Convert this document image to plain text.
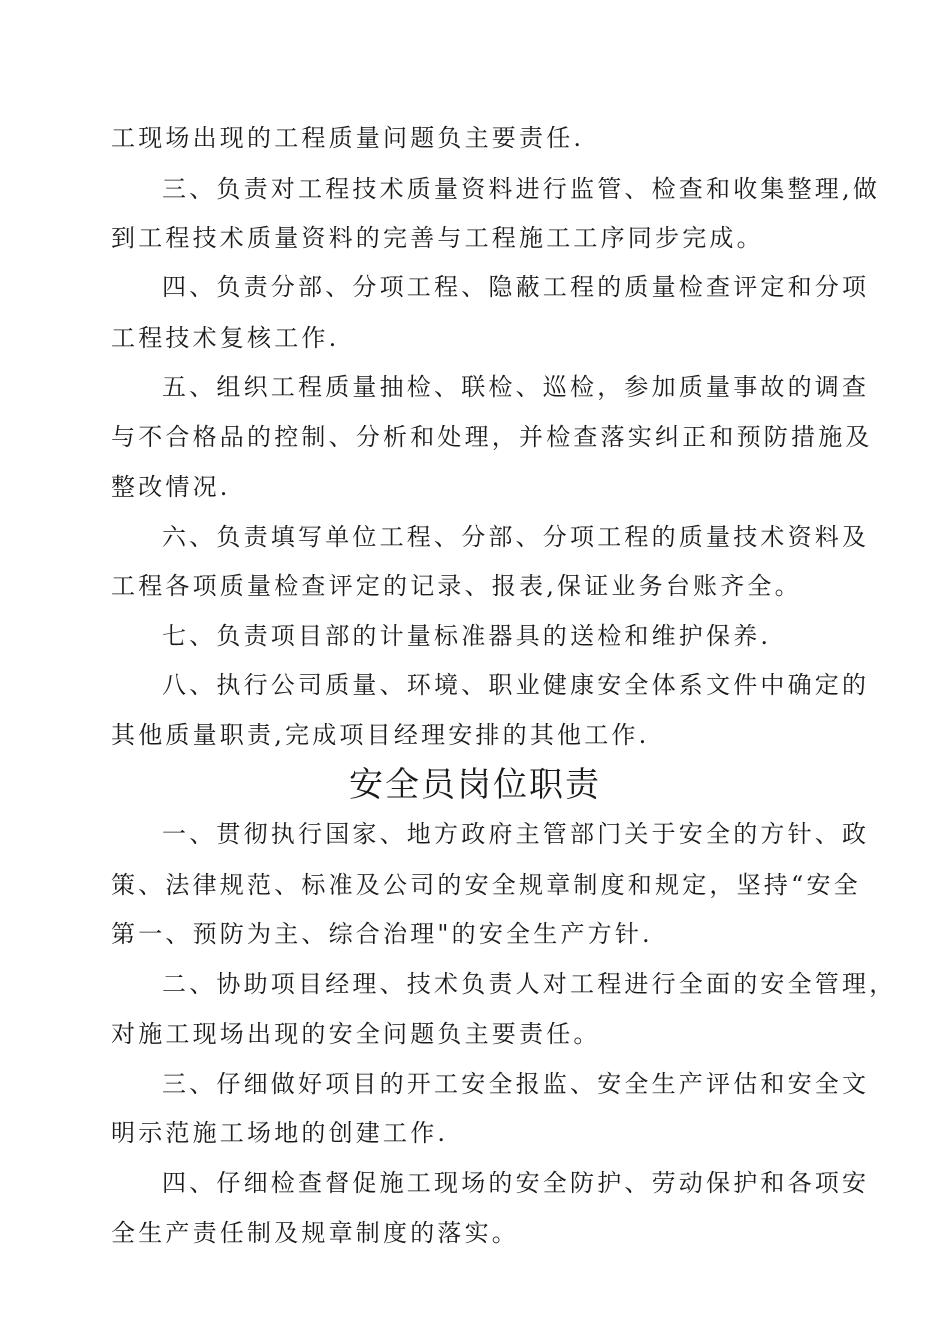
工现场出现的工程质量问题负主要责任.

三、负责对工程技术质量资料进行监管、检查和收集整理,做

到工程技术质量资料的完善与工程施工工序同步完成。

四、负责分部、分项工程、隐蔽工程的质量检查评定和分项

工程技术复核工作.

五、组织工程质量抽检、联检、巡检，参加质量事故的调查

与不合格品的控制、分析和处理，并检查落实纠正和预防措施及

整改情况.

六、负责填写单位工程、分部、分项工程的质量技术资料及

工程各项质量检查评定的记录、报表,保证业务台账齐全。

七、负责项目部的计量标准器具的送检和维护保养.

八、执行公司质量、环境、职业健康安全体系文件中确定的

其他质量职责,完成项目经理安排的其他工作.

安全员岗位职责

一、贯彻执行国家、地方政府主管部门关于安全的方针、政

策、法律规范、标准及公司的安全规章制度和规定，坚持“安全

第一、预防为主、综合治理"的安全生产方针.

二、协助项目经理、技术负责人对工程进行全面的安全管理，

对施工现场出现的安全问题负主要责任。

三、仔细做好项目的开工安全报监、安全生产评估和安全文

明示范施工场地的创建工作.

四、仔细检查督促施工现场的安全防护、劳动保护和各项安

全生产责任制及规章制度的落实。
